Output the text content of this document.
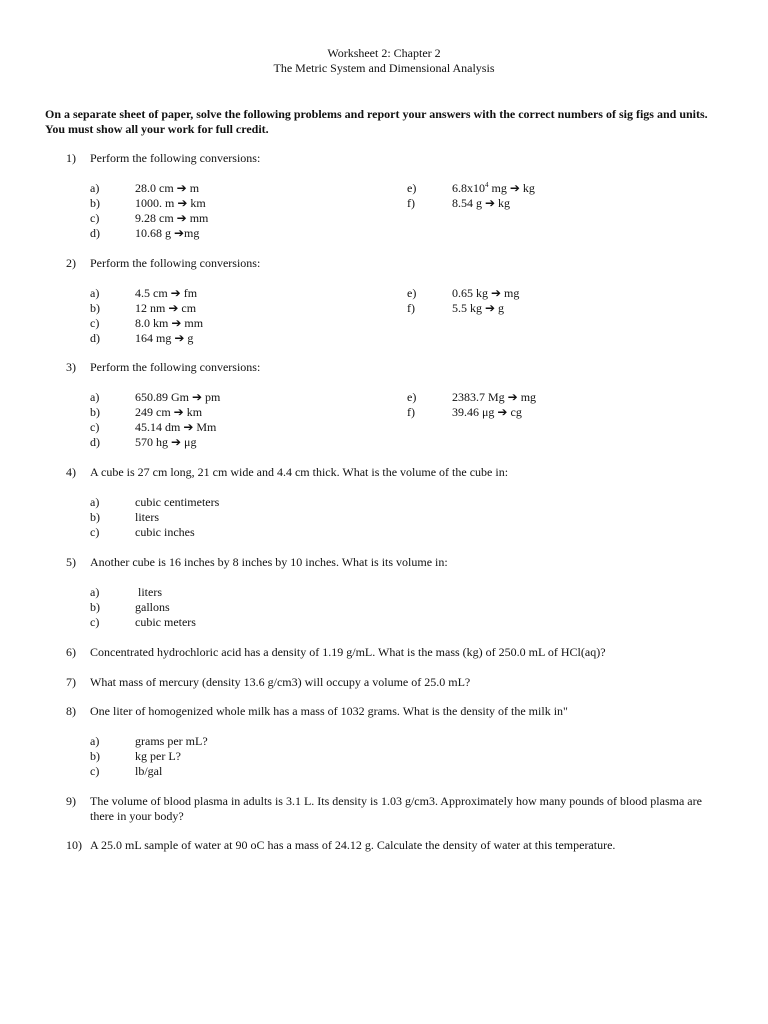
Worksheet 2: Chapter 2
The Metric System and Dimensional Analysis
On a separate sheet of paper, solve the following problems and report your answers with the correct numbers of sig figs and units. You must show all your work for full credit.
1)	Perform the following conversions:
a)	28.0 cm ➔ m
b)	1000. m ➔ km
c)	9.28 cm ➔ mm
d)	10.68 g ➔mg
e)	$6.8x10^4$ mg ➔ kg
f)	8.54 g ➔ kg
2)	Perform the following conversions:
a)	4.5 cm ➔ fm
b)	12 nm ➔ cm
c)	8.0 km ➔ mm
d)	164 mg ➔ g
e)	0.65 kg ➔ mg
f)	5.5 kg ➔ g
3)	Perform the following conversions:
a)	650.89 Gm ➔ pm
b)	249 cm ➔ km
c)	45.14 dm ➔ Mm
d)	570 hg ➔ μg
e)	2383.7 Mg ➔ mg
f)	39.46 μg ➔ cg
4)	A cube is 27 cm long, 21 cm wide and 4.4 cm thick. What is the volume of the cube in:
a)	cubic centimeters
b)	liters
c)	cubic inches
5)	Another cube is 16 inches by 8 inches by 10 inches. What is its volume in:
a)	liters
b)	gallons
c)	cubic meters
6)	Concentrated hydrochloric acid has a density of 1.19 g/mL. What is the mass (kg) of 250.0 mL of HCl(aq)?
7)	What mass of mercury (density 13.6 g/cm3) will occupy a volume of 25.0 mL?
8)	One liter of homogenized whole milk has a mass of 1032 grams. What is the density of the milk in"
a)	grams per mL?
b)	kg per L?
c)	lb/gal
9)	The volume of blood plasma in adults is 3.1 L. Its density is 1.03 g/cm3. Approximately how many pounds of blood plasma are there in your body?
10) A 25.0 mL sample of water at 90 oC has a mass of 24.12 g. Calculate the density of water at this temperature.
